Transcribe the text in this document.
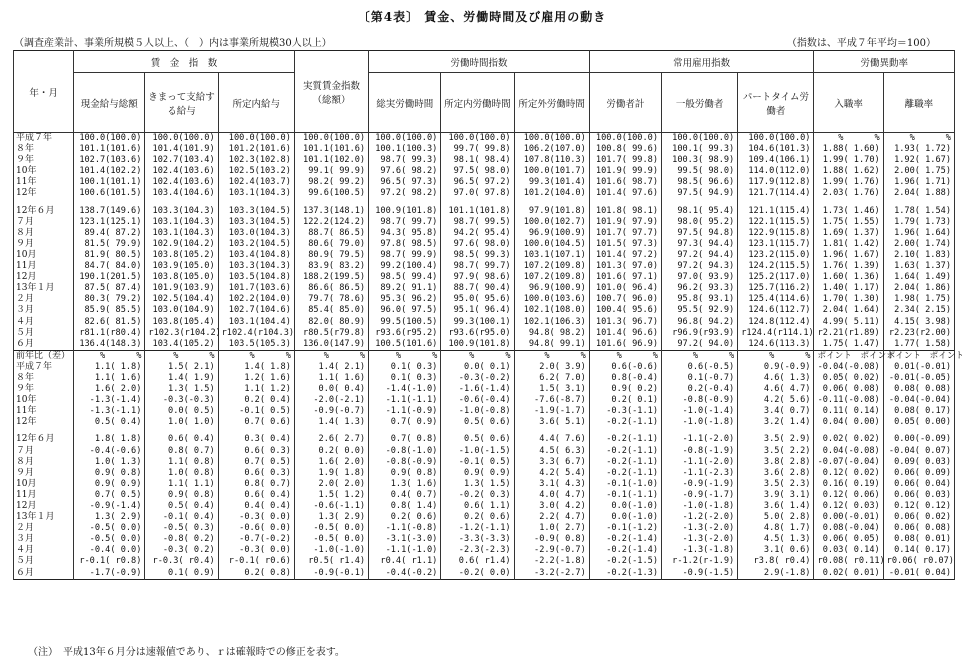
〔第4表〕 賃金、労働時間及び雇用の動き
（調査産業計、事業所規模５人以上、（　）内は事業所規模30人以上）	（指数は、平成７年平均＝100）
年・月	賃　金　指　数			実質賃金指数（総額）	労働時間指数			常用雇用指数			労働異動率	
	現金給与総額	きまって支給する給与	所定内給与		総実労働時間	所定内労働時間	所定外労働時間	労働者計	一般労働者	パートタイム労働者	入職率	離職率
平成７年	100.0(100.0)	100.0(100.0)	100.0(100.0)	100.0(100.0)	100.0(100.0)	100.0(100.0)	100.0(100.0)	100.0(100.0)	100.0(100.0)	100.0(100.0)	%      %	%      %
８年	101.1(101.6)	101.4(101.9)	101.2(101.6)	101.1(101.6)	100.1(100.3)	99.7( 99.8)	106.2(107.0)	100.8( 99.6)	100.1( 99.3)	104.6(101.3)	1.88( 1.60)	1.93( 1.72)
９年	102.7(103.6)	102.7(103.4)	102.3(102.8)	101.1(102.0)	98.7( 99.3)	98.1( 98.4)	107.8(110.3)	101.7( 99.8)	100.3( 98.9)	109.4(106.1)	1.99( 1.70)	1.92( 1.67)
10年	101.4(102.2)	102.4(103.6)	102.5(103.2)	99.1( 99.9)	97.6( 98.2)	97.5( 98.0)	100.0(101.7)	101.9( 99.9)	99.5( 98.0)	114.0(112.0)	1.88( 1.62)	2.00( 1.75)
11年	100.1(101.1)	102.4(103.6)	102.4(103.7)	98.2( 99.2)	96.5( 97.3)	96.5( 97.2)	99.3(101.4)	101.6( 98.7)	98.5( 96.6)	117.9(112.8)	1.99( 1.76)	1.96( 1.71)
12年	100.6(101.5)	103.4(104.6)	103.1(104.3)	99.6(100.5)	97.2( 98.2)	97.0( 97.8)	101.2(104.0)	101.4( 97.6)	97.5( 94.9)	121.7(114.4)	2.03( 1.76)	2.04( 1.88)

12年６月	138.7(149.6)	103.3(104.3)	103.3(104.5)	137.3(148.1)	100.9(101.8)	101.1(101.8)	97.9(101.8)	101.8( 98.1)	98.1( 95.4)	121.1(115.4)	1.73( 1.46)	1.78( 1.54)
７月	123.1(125.1)	103.1(104.3)	103.3(104.5)	122.2(124.2)	98.7( 99.7)	98.7( 99.5)	100.0(102.7)	101.9( 97.9)	98.0( 95.2)	122.1(115.5)	1.75( 1.55)	1.79( 1.73)
８月	89.4( 87.2)	103.1(104.3)	103.0(104.3)	88.7( 86.5)	94.3( 95.8)	94.2( 95.4)	96.9(100.9)	101.7( 97.7)	97.5( 94.8)	122.9(115.8)	1.69( 1.37)	1.96( 1.64)
９月	81.5( 79.9)	102.9(104.2)	103.2(104.5)	80.6( 79.0)	97.8( 98.5)	97.6( 98.0)	100.0(104.5)	101.5( 97.3)	97.3( 94.4)	123.1(115.7)	1.81( 1.42)	2.00( 1.74)
10月	81.9( 80.5)	103.8(105.2)	103.4(104.8)	80.9( 79.5)	98.7( 99.9)	98.5( 99.3)	103.1(107.1)	101.4( 97.2)	97.2( 94.4)	123.2(115.0)	1.96( 1.67)	2.10( 1.83)
11月	84.7( 84.0)	103.9(105.0)	103.3(104.3)	83.9( 83.2)	99.2(100.4)	98.7( 99.7)	107.2(109.8)	101.3( 97.0)	97.2( 94.3)	124.2(115.5)	1.76( 1.39)	1.63( 1.37)
12月	190.1(201.5)	103.8(105.0)	103.5(104.8)	188.2(199.5)	98.5( 99.4)	97.9( 98.6)	107.2(109.8)	101.6( 97.1)	97.0( 93.9)	125.2(117.0)	1.60( 1.36)	1.64( 1.49)
13年１月	87.5( 87.4)	101.9(103.9)	101.7(103.6)	86.6( 86.5)	89.2( 91.1)	88.7( 90.4)	96.9(100.9)	101.0( 96.4)	96.2( 93.3)	125.7(116.2)	1.40( 1.17)	2.04( 1.86)
２月	80.3( 79.2)	102.5(104.4)	102.2(104.0)	79.7( 78.6)	95.3( 96.2)	95.0( 95.6)	100.0(103.6)	100.7( 96.0)	95.8( 93.1)	125.4(114.6)	1.70( 1.30)	1.98( 1.75)
３月	85.9( 85.5)	103.0(104.9)	102.7(104.6)	85.4( 85.0)	96.0( 97.5)	95.1( 96.4)	102.1(108.0)	100.4( 95.6)	95.5( 92.9)	124.6(112.7)	2.04( 1.64)	2.34( 2.15)
４月	82.6( 81.5)	103.8(105.4)	103.1(104.4)	82.0( 80.9)	99.5(100.5)	99.3(100.1)	102.1(106.3)	101.3( 96.7)	96.8( 94.2)	124.8(112.4)	4.99( 5.11)	4.15( 3.98)
５月	r81.1(r80.4)	r102.3(r104.2)	r102.4(r104.3)	r80.5(r79.8)	r93.6(r95.2)	r93.6(r95.0)	94.8( 98.2)	101.4( 96.6)	r96.9(r93.9)	r124.4(r114.1)	r2.21(r1.89)	r2.23(r2.00)
６月	136.4(148.3)	103.4(105.2)	103.5(105.3)	136.0(147.9)	100.5(101.6)	100.9(101.8)	94.8( 99.1)	101.6( 96.9)	97.2( 94.0)	124.6(113.3)	1.75( 1.47)	1.77( 1.58)
前年比（差）	%      %	%      %	%      %	%      %	%      %	%      %	%      %	%      %	%      %	%      %	ポイント　ポイント	ポイント　ポイント
平成７年	1.1( 1.8)	1.5( 2.1)	1.4( 1.8)	1.4( 2.1)	0.1( 0.3)	0.0( 0.1)	2.0( 3.9)	0.6(-0.6)	0.6(-0.5)	0.9(-0.9)	-0.04(-0.08)	0.01(-0.01)
８年	1.1( 1.6)	1.4( 1.9)	1.2( 1.6)	1.1( 1.6)	0.1( 0.3)	-0.3(-0.2)	6.2( 7.0)	0.8(-0.4)	0.1(-0.7)	4.6( 1.3)	0.05( 0.02)	-0.01(-0.05)
９年	1.6( 2.0)	1.3( 1.5)	1.1( 1.2)	0.0( 0.4)	-1.4(-1.0)	-1.6(-1.4)	1.5( 3.1)	0.9( 0.2)	0.2(-0.4)	4.6( 4.7)	0.06( 0.08)	0.08( 0.08)
10年	-1.3(-1.4)	-0.3(-0.3)	0.2( 0.4)	-2.0(-2.1)	-1.1(-1.1)	-0.6(-0.4)	-7.6(-8.7)	0.2( 0.1)	-0.8(-0.9)	4.2( 5.6)	-0.11(-0.08)	-0.04(-0.04)
11年	-1.3(-1.1)	0.0( 0.5)	-0.1( 0.5)	-0.9(-0.7)	-1.1(-0.9)	-1.0(-0.8)	-1.9(-1.7)	-0.3(-1.1)	-1.0(-1.4)	3.4( 0.7)	0.11( 0.14)	0.08( 0.17)
12年	0.5( 0.4)	1.0( 1.0)	0.7( 0.6)	1.4( 1.3)	0.7( 0.9)	0.5( 0.6)	3.6( 5.1)	-0.2(-1.1)	-1.0(-1.8)	3.2( 1.4)	0.04( 0.00)	0.05( 0.00)

12年６月	1.8( 1.8)	0.6( 0.4)	0.3( 0.4)	2.6( 2.7)	0.7( 0.8)	0.5( 0.6)	4.4( 7.6)	-0.2(-1.1)	-1.1(-2.0)	3.5( 2.9)	0.02( 0.02)	0.00(-0.09)
７月	-0.4(-0.6)	0.8( 0.7)	0.6( 0.3)	0.2( 0.0)	-0.8(-1.0)	-1.0(-1.5)	4.5( 6.3)	-0.2(-1.1)	-0.8(-1.9)	3.5( 2.2)	0.04(-0.08)	-0.04( 0.07)
８月	1.0( 1.3)	1.1( 0.8)	0.7( 0.5)	1.6( 2.0)	-0.8(-0.9)	-0.1( 0.5)	3.3( 6.7)	-0.2(-1.1)	-1.1(-2.0)	3.8( 2.8)	-0.07(-0.04)	0.09( 0.03)
９月	0.9( 0.8)	1.0( 0.8)	0.6( 0.3)	1.9( 1.8)	0.9( 0.8)	0.9( 0.9)	4.2( 5.4)	-0.2(-1.1)	-1.1(-2.3)	3.6( 2.8)	0.12( 0.02)	0.06( 0.09)
10月	0.9( 0.9)	1.1( 1.1)	0.8( 0.7)	2.0( 2.0)	1.3( 1.6)	1.3( 1.5)	3.1( 4.3)	-0.1(-1.0)	-0.9(-1.9)	3.5( 2.3)	0.16( 0.19)	0.06( 0.04)
11月	0.7( 0.5)	0.9( 0.8)	0.6( 0.4)	1.5( 1.2)	0.4( 0.7)	-0.2( 0.3)	4.0( 4.7)	-0.1(-1.1)	-0.9(-1.7)	3.9( 3.1)	0.12( 0.06)	0.06( 0.03)
12月	-0.9(-1.4)	0.5( 0.4)	0.4( 0.4)	-0.6(-1.1)	0.8( 1.4)	0.6( 1.1)	3.0( 4.2)	0.0(-1.0)	-1.0(-1.8)	3.6( 1.4)	0.12( 0.03)	0.12( 0.12)
13年１月	1.3( 2.9)	-0.1( 0.4)	-0.3( 0.0)	1.3( 2.9)	0.2( 0.6)	0.2( 0.6)	2.2( 4.7)	0.0(-1.0)	-1.2(-2.0)	5.0( 2.8)	0.00(-0.01)	0.06( 0.02)
２月	-0.5( 0.0)	-0.5( 0.3)	-0.6( 0.0)	-0.5( 0.0)	-1.1(-0.8)	-1.2(-1.1)	1.0( 2.7)	-0.1(-1.2)	-1.3(-2.0)	4.8( 1.7)	0.08(-0.04)	0.06( 0.08)
３月	-0.5( 0.0)	-0.8( 0.2)	-0.7(-0.2)	-0.5( 0.0)	-3.1(-3.0)	-3.3(-3.3)	-0.9( 0.8)	-0.2(-1.4)	-1.3(-2.0)	4.5( 1.3)	0.06( 0.05)	0.08( 0.01)
４月	-0.4( 0.0)	-0.3( 0.2)	-0.3( 0.0)	-1.0(-1.0)	-1.1(-1.0)	-2.3(-2.3)	-2.9(-0.7)	-0.2(-1.4)	-1.3(-1.8)	3.1( 0.6)	0.03( 0.14)	0.14( 0.17)
５月	r-0.1( r0.8)	r-0.3( r0.4)	r-0.1( r0.6)	r0.5( r1.4)	r0.4( r1.1)	0.6( r1.4)	-2.2(-1.8)	-0.2(-1.5)	r-1.2(r-1.9)	r3.8( r0.4)	r0.08( r0.11)	r0.06( r0.07)
６月	-1.7(-0.9)	0.1( 0.9)	0.2( 0.8)	-0.9(-0.1)	-0.4(-0.2)	-0.2( 0.0)	-3.2(-2.7)	-0.2(-1.3)	-0.9(-1.5)	2.9(-1.8)	0.02( 0.01)	-0.01( 0.04)
（注）　平成13年６月分は速報値であり、ｒは確報時での修正を表す。
